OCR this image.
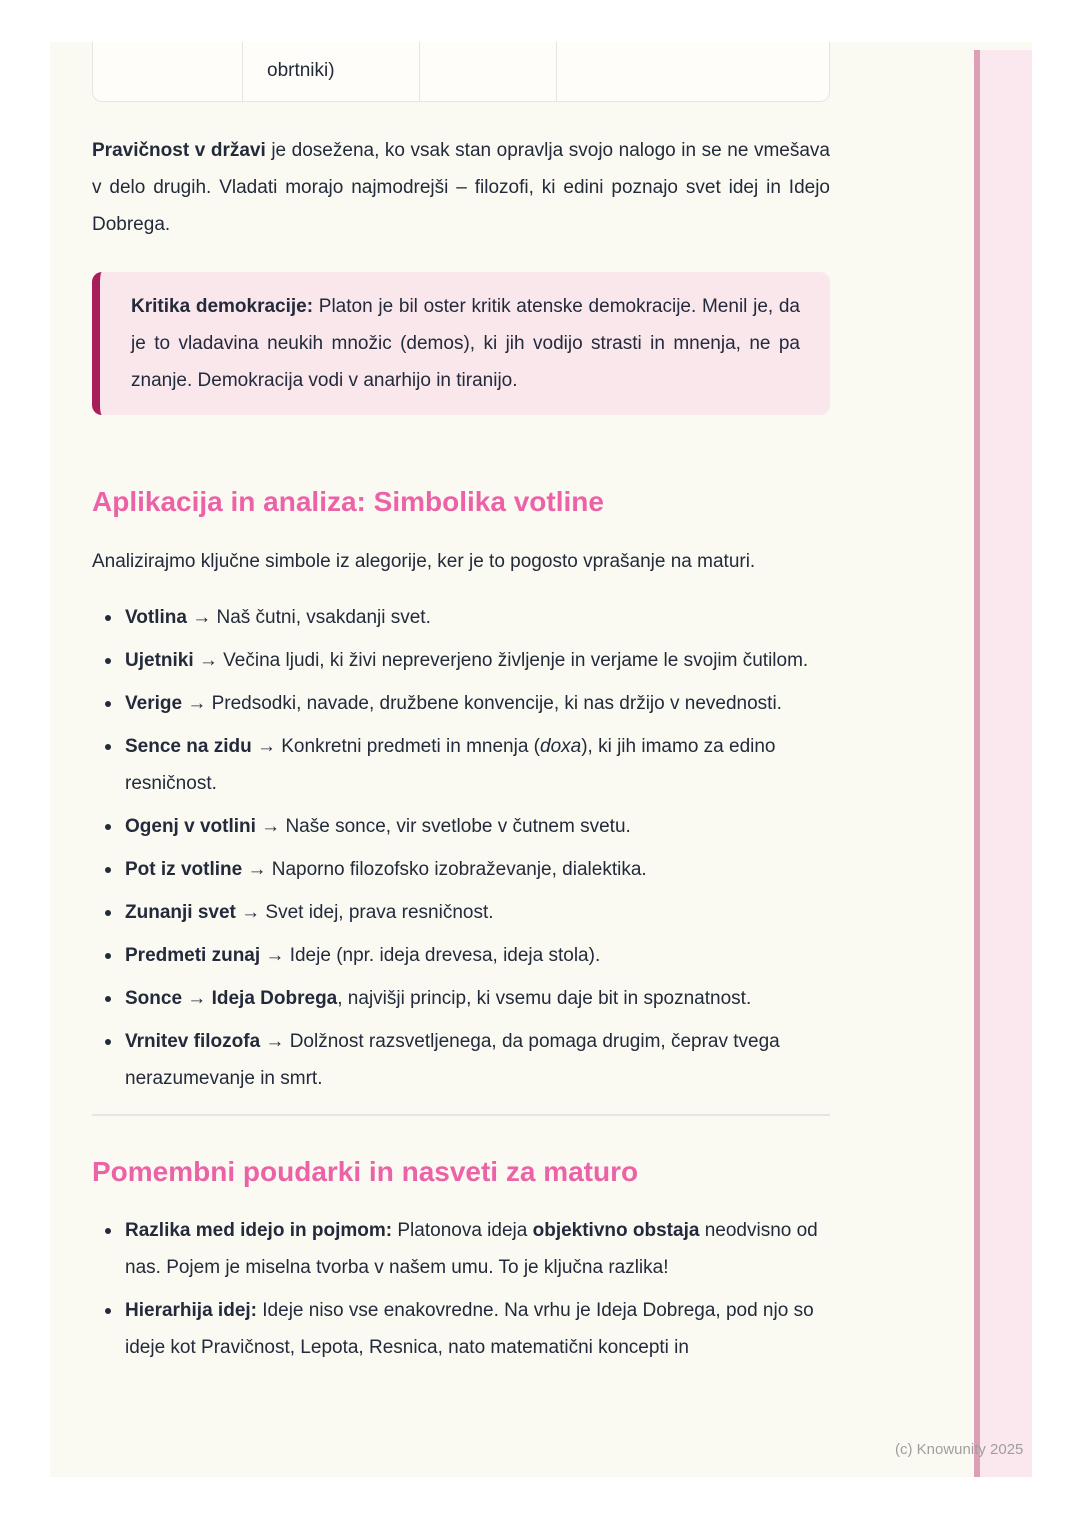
obrtniki)

Pravičnost v državi je dosežena, ko vsak stan opravlja svojo nalogo in se ne vmešava v delo drugih. Vladati morajo najmodrejši – filozofi, ki edini poznajo svet idej in Idejo Dobrega.

Kritika demokracije: Platon je bil oster kritik atenske demokracije. Menil je, da je to vladavina neukih množic (demos), ki jih vodijo strasti in mnenja, ne pa znanje. Demokracija vodi v anarhijo in tiranijo.
Aplikacija in analiza: Simbolika votline

Analizirajmo ključne simbole iz alegorije, ker je to pogosto vprašanje na maturi.

Votlina → Naš čutni, vsakdanji svet.
Ujetniki → Večina ljudi, ki živi nepreverjeno življenje in verjame le svojim čutilom.
Verige → Predsodki, navade, družbene konvencije, ki nas držijo v nevednosti.
Sence na zidu → Konkretni predmeti in mnenja (doxa), ki jih imamo za edino resničnost.
Ogenj v votlini → Naše sonce, vir svetlobe v čutnem svetu.
Pot iz votline → Naporno filozofsko izobraževanje, dialektika.
Zunanji svet → Svet idej, prava resničnost.
Predmeti zunaj → Ideje (npr. ideja drevesa, ideja stola).
Sonce → Ideja Dobrega, najvišji princip, ki vsemu daje bit in spoznatnost.
Vrnitev filozofa → Dolžnost razsvetljenega, da pomaga drugim, čeprav tvega nerazumevanje in smrt.
Pomembni poudarki in nasveti za maturo
Razlika med idejo in pojmom: Platonova ideja objektivno obstaja neodvisno od nas. Pojem je miselna tvorba v našem umu. To je ključna razlika!
Hierarhija idej: Ideje niso vse enakovredne. Na vrhu je Ideja Dobrega, pod njo so ideje kot Pravičnost, Lepota, Resnica, nato matematični koncepti in
(c) Knowunity 2025
